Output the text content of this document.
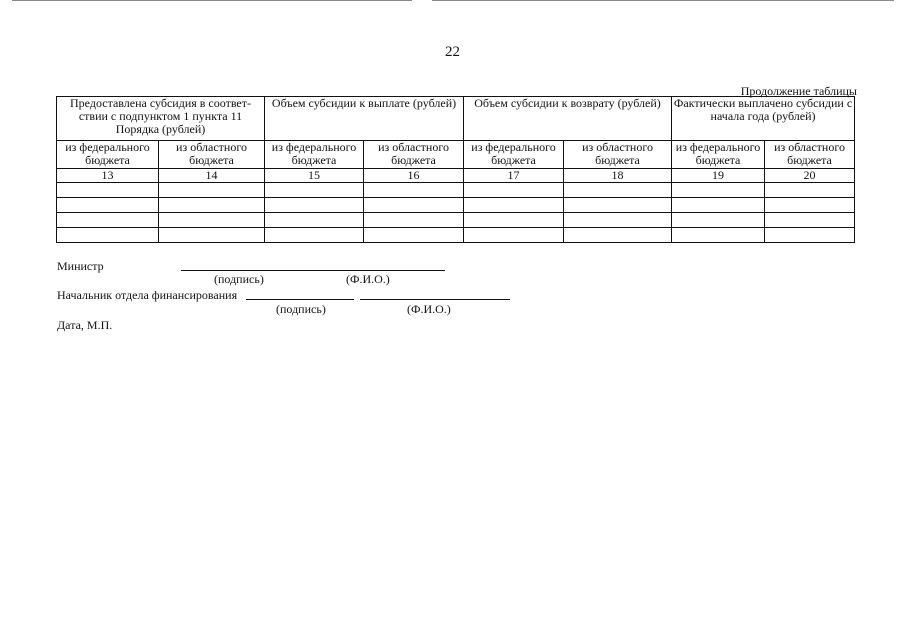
22
Продолжение таблицы
Предоставлена субсидия в соответ-ствии с подпунктом 1 пункта 11 Порядка (рублей)		Объем субсидии к выплате (рублей)		Объем субсидии к возврату (рублей)		Фактически выплачено субсидии с начала года (рублей)	
из федерального бюджета	из областного бюджета	из федерального бюджета	из областного бюджета	из федерального бюджета	из областного бюджета	из федерального бюджета	из областного бюджета
13	14	15	16	17	18	19	20

Министр
(подпись)	(Ф.И.О.)
Начальник отдела финансирования
(подпись)	(Ф.И.О.)
Дата, М.П.
